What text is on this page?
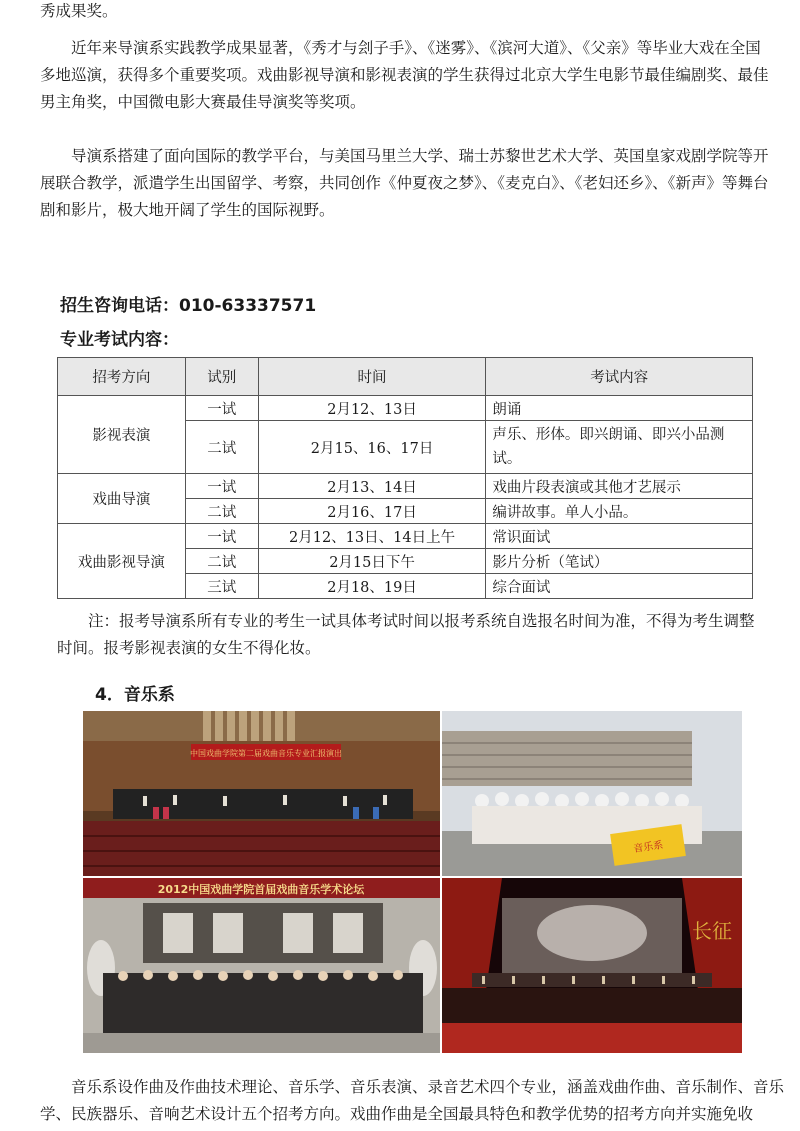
秀成果奖。

近年来导演系实践教学成果显著，《秀才与刽子手》、《迷雾》、《滨河大道》、《父亲》等毕业大戏在全国多地巡演，获得多个重要奖项。戏曲影视导演和影视表演的学生获得过北京大学生电影节最佳编剧奖、最佳男主角奖，中国微电影大赛最佳导演奖等奖项。

导演系搭建了面向国际的教学平台，与美国马里兰大学、瑞士苏黎世艺术大学、英国皇家戏剧学院等开展联合教学，派遣学生出国留学、考察，共同创作《仲夏夜之梦》、《麦克白》、《老妇还乡》、《新声》等舞台剧和影片，极大地开阔了学生的国际视野。

招生咨询电话：010-63337571
专业考试内容：
招考方向	试别	时间	考试内容
影视表演	一试	2月12、13日	朗诵
	二试	2月15、16、17日	声乐、形体。即兴朗诵、即兴小品测试。
戏曲导演	一试	2月13、14日	戏曲片段表演或其他才艺展示
	二试	2月16、17日	编讲故事。单人小品。
戏曲影视导演	一试	2月12、13日、14日上午	常识面试
	二试	2月15日下午	影片分析（笔试）
	三试	2月18、19日	综合面试

注：报考导演系所有专业的考生一试具体考试时间以报考系统自选报名时间为准，不得为考生调整时间。报考影视表演的女生不得化妆。

4．音乐系
中国戏曲学院第二届戏曲音乐专业汇报演出
音乐系
2012中国戏曲学院首届戏曲音乐学术论坛
长征

音乐系设作曲及作曲技术理论、音乐学、音乐表演、录音艺术四个专业，涵盖戏曲作曲、音乐制作、音乐学、民族器乐、音响艺术设计五个招考方向。戏曲作曲是全国最具特色和教学优势的招考方向并实施免收
